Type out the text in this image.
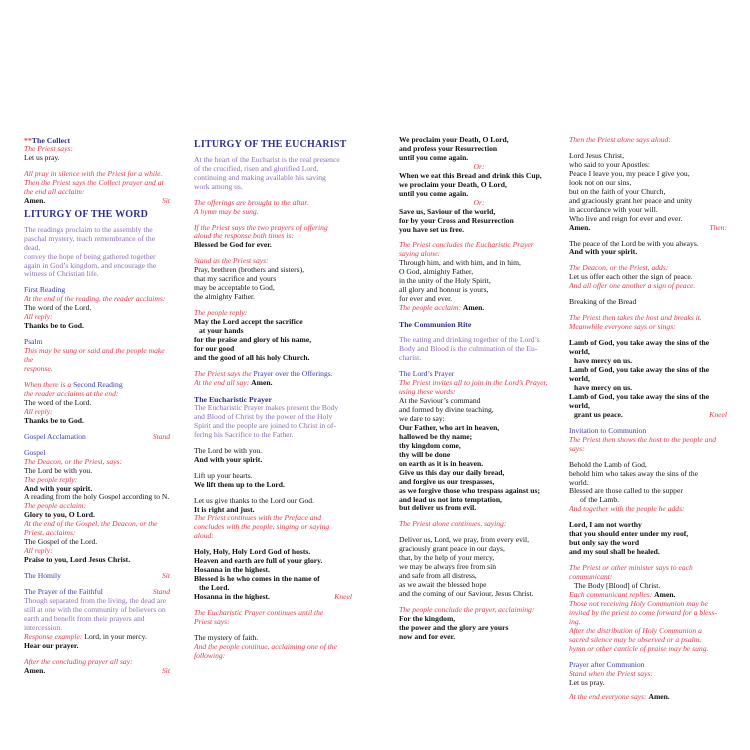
**The Collect

The Priest says:

Let us pray.

All pray in silence with the Priest for a while.

Then the Priest says the Collect prayer and at

the end all acclaim:

Amen.	Sit

LITURGY OF THE WORD

The readings proclaim to the assembly the

paschal mystery, teach remembrance of the dead,

convey the hope of being gathered together

again in God’s kingdom, and encourage the

witness of Christian life.

First Reading

At the end of the reading, the reader acclaims:

The word of the Lord.

All reply:

Thanks be to God.

Psalm

This may be sung or said and the people make the

response.

When there is a Second Reading

the reader acclaims at the end:

The word of the Lord.

All reply:

Thanks be to God.

Gospel Acclamation	Stand

Gospel

The Deacon, or the Priest, says:

The Lord be with you.

The people reply:

And with your spirit.

A reading from the holy Gospel according to N.

The people acclaim:

Glory to you, O Lord.

At the end of the Gospel, the Deacon, or the

Priest, acclaims:

The Gospel of the Lord.

All reply:

Praise to you, Lord Jesus Christ.

The Homily	Sit
The Prayer of the Faithful	Stand

Though separated from the living, the dead are

still at one with the community of believers on

earth and benefit from their prayers and

intercession.

Response example: Lord, in your mercy.

Hear our prayer.

After the concluding prayer all say:

Amen.	Sit

LITURGY OF THE EUCHARIST

At the heart of the Eucharist is the real presence

of the crucified, risen and glorified Lord,

continuing and making available his saving

work among us.

The offerings are brought to the altar.

A hymn may be sung.

If the Priest says the two prayers of offering

aloud the response both times is:

Blessed be God for ever.

Stand as the Priest says:

Pray, brethren (brothers and sisters),

that my sacrifice and yours

may be acceptable to God,

the almighty Father.

The people reply:

May the Lord accept the sacrifice

at your hands

for the praise and glory of his name,

for our good

and the good of all his holy Church.

The Priest says the Prayer over the Offerings.

At the end all say: Amen.

The Eucharistic Prayer

The Eucharistic Prayer makes present the Body

and Blood of Christ by the power of the Holy

Spirit and the people are joined to Christ in of-

fering his Sacrifice to the Father.

The Lord be with you.

And with your spirit.

Lift up your hearts.

We lift them up to the Lord.

Let us give thanks to the Lord our God.

It is right and just.

The Priest continues with the Preface and

concludes with the people, singing or saying

aloud:

Holy, Holy, Holy Lord God of hosts.

Heaven and earth are full of your glory.

Hosanna in the highest.

Blessed is he who comes in the name of

the Lord.

Hosanna in the highest.	Kneel

The Eucharistic Prayer continues until the

Priest says:

The mystery of faith.

And the people continue, acclaiming one of the

following:

We proclaim your Death, O Lord,

and profess your Resurrection

until you come again.

Or:

When we eat this Bread and drink this Cup,

we proclaim your Death, O Lord,

until you come again.

Or:

Save us, Saviour of the world,

for by your Cross and Resurrection

you have set us free.

The Priest concludes the Eucharistic Prayer

saying alone:

Through him, and with him, and in him,

O God, almighty Father,

in the unity of the Holy Spirit,

all glory and honour is yours,

for ever and ever.

The people acclaim: Amen.

The Communion Rite

The eating and drinking together of the Lord’s

Body and Blood is the culmination of the Eu-

charist.

The Lord’s Prayer

The Priest invites all to join in the Lord’s Prayer,

using these words:

At the Saviour’s command

and formed by divine teaching,

we dare to say:

Our Father, who art in heaven,

hallowed be thy name;

thy kingdom come,

thy will be done

on earth as it is in heaven.

Give us this day our daily bread,

and forgive us our trespasses,

as we forgive those who trespass against us;

and lead us not into temptation,

but deliver us from evil.

The Priest alone continues, saying:

Deliver us, Lord, we pray, from every evil,

graciously grant peace in our days,

that, by the help of your mercy,

we may be always free from sin

and safe from all distress,

as we await the blessed hope

and the coming of our Saviour, Jesus Christ.

The people conclude the prayer, acclaiming:

For the kingdom,

the power and the glory are yours

now and for ever.

Then the Priest alone says aloud:

Lord Jesus Christ,

who said to your Apostles:

Peace I leave you, my peace I give you,

look not on our sins,

but on the faith of your Church,

and graciously grant her peace and unity

in accordance with your will.

Who live and reign for ever and ever.

Amen.	Then:

The peace of the Lord be with you always.

And with your spirit.

The Deacon, or the Priest, adds:

Let us offer each other the sign of peace.

And all offer one another a sign of peace.

Breaking of the Bread

The Priest then takes the host and breaks it.

Meanwhile everyone says or sings:

Lamb of God, you take away the sins of the world,

have mercy on us.

Lamb of God, you take away the sins of the world,

have mercy on us.

Lamb of God, you take away the sins of the world,

grant us peace.	Kneel

Invitation to Communion

The Priest then shows the host to the people and says:

Behold the Lamb of God,

behold him who takes away the sins of the

world.

Blessed are those called to the supper

of the Lamb.

And together with the people he adds:

Lord, I am not worthy

that you should enter under my roof,

but only say the word

and my soul shall be healed.

The Priest or other minister says to each

communicant:

The Body [Blood] of Christ.

Each communicant replies: Amen.

Those not receiving Holy Communion may be

invited by the priest to come forward for a bless-

ing.

After the distribution of Holy Communion a

sacred silence may be observed or a psalm,

hymn or other canticle of praise may be sung.

Prayer after Communion

Stand when the Priest says:

Let us pray.

At the end everyone says: Amen.
